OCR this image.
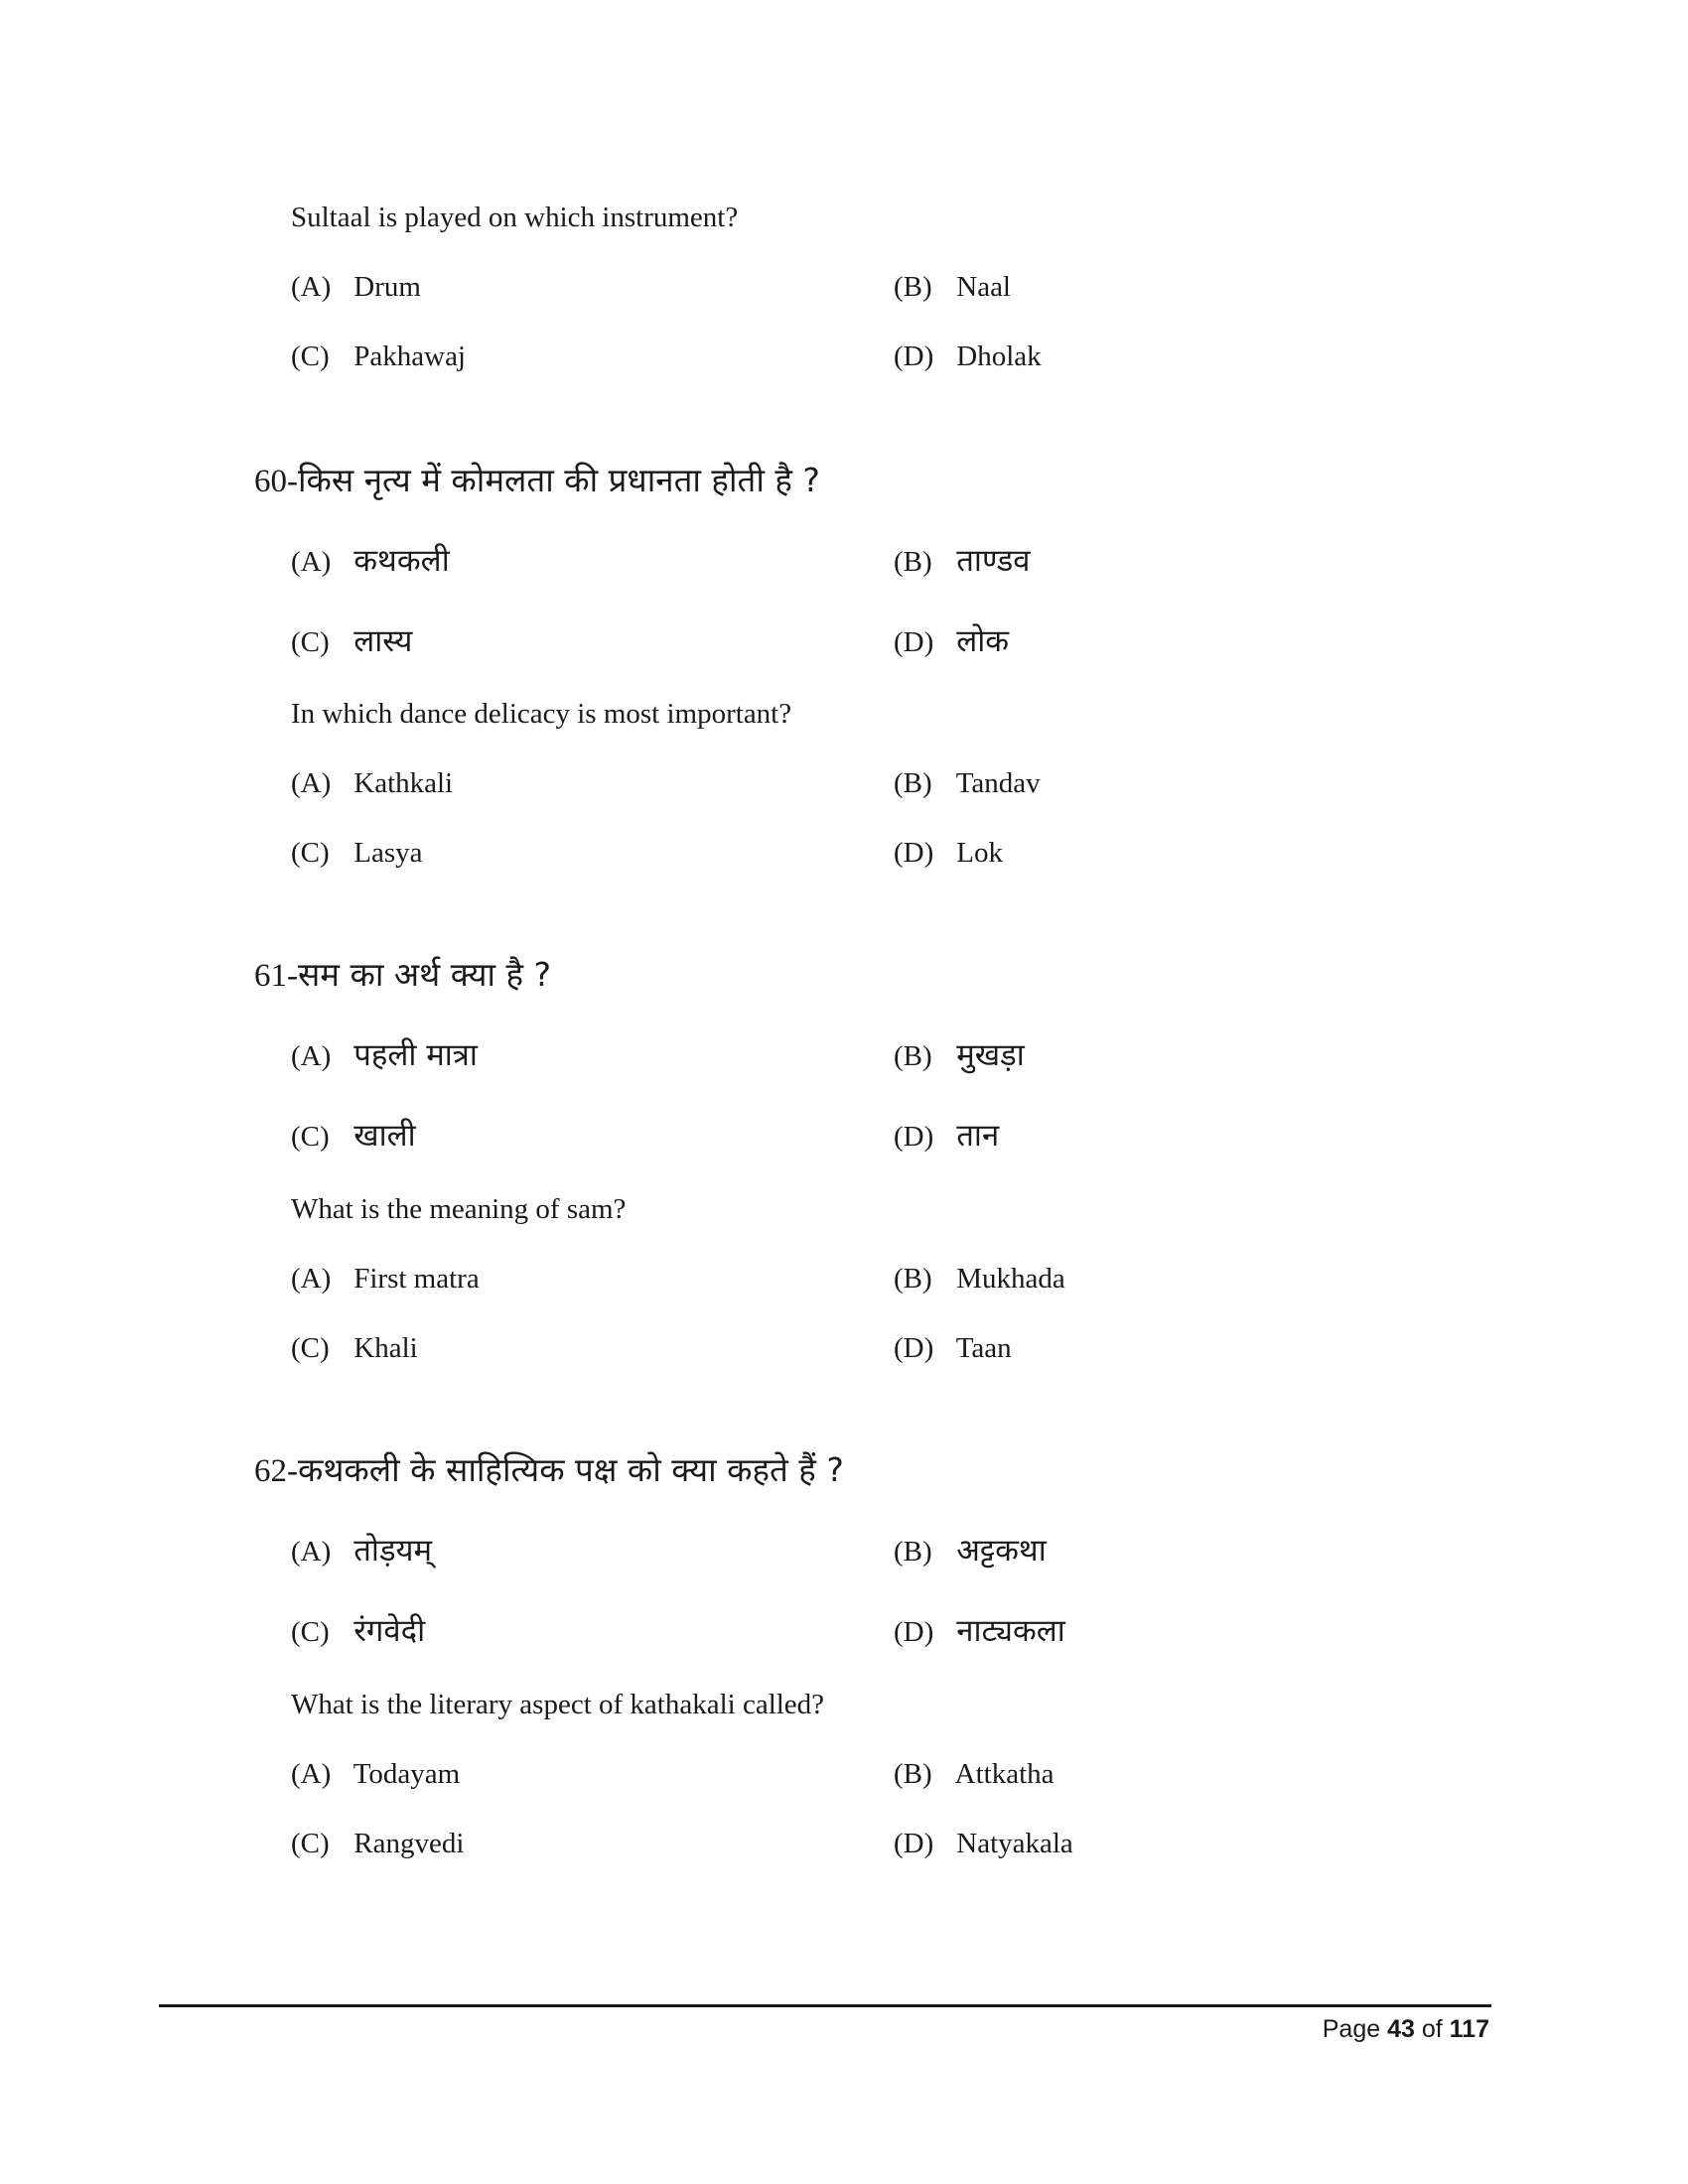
Sultaal is played on which instrument?
(A) Drum	(B) Naal
(C) Pakhawaj	(D) Dholak
60-किस नृत्य में कोमलता की प्रधानता होती है ?
(A) कथकली	(B) ताण्डव
(C) लास्य	(D) लोक
In which dance delicacy is most important?
(A) Kathkali	(B) Tandav
(C) Lasya	(D) Lok
61-सम का अर्थ क्या है ?
(A) पहली मात्रा	(B) मुखड़ा
(C) खाली	(D) तान
What is the meaning of sam?
(A) First matra	(B) Mukhada
(C) Khali	(D) Taan
62-कथकली के साहित्यिक पक्ष को क्या कहते हैं ?
(A) तोड़यम्	(B) अट्टकथा
(C) रंगवेदी	(D) नाट्यकला
What is the literary aspect of kathakali called?
(A) Todayam	(B) Attkatha
(C) Rangvedi	(D) Natyakala
Page 43 of 117
